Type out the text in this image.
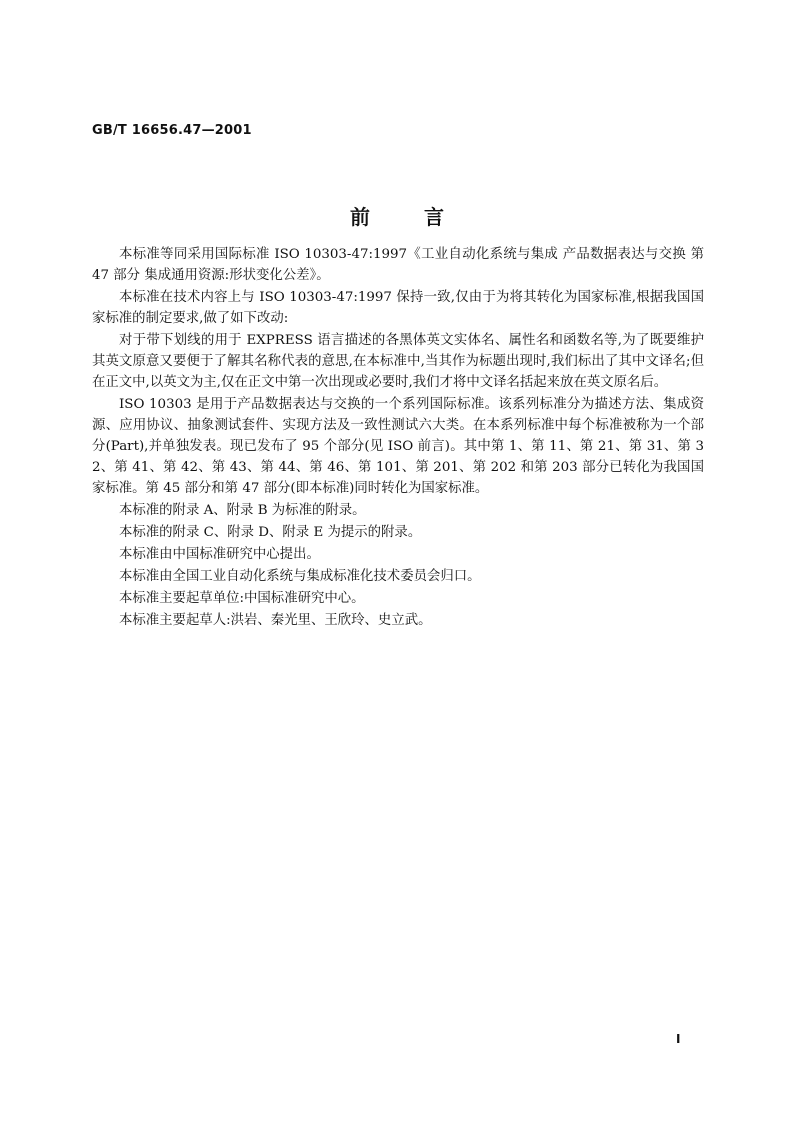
GB/T 16656.47—2001
前言

本标准等同采用国际标准 ISO 10303-47:1997《工业自动化系统与集成 产品数据表达与交换 第 47 部分 集成通用资源:形状变化公差》。

本标准在技术内容上与 ISO 10303-47:1997 保持一致,仅由于为将其转化为国家标准,根据我国国家标准的制定要求,做了如下改动:

对于带下划线的用于 EXPRESS 语言描述的各黑体英文实体名、属性名和函数名等,为了既要维护其英文原意又要便于了解其名称代表的意思,在本标准中,当其作为标题出现时,我们标出了其中文译名;但在正文中,以英文为主,仅在正文中第一次出现或必要时,我们才将中文译名括起来放在英文原名后。

ISO 10303 是用于产品数据表达与交换的一个系列国际标准。该系列标准分为描述方法、集成资源、应用协议、抽象测试套件、实现方法及一致性测试六大类。在本系列标准中每个标准被称为一个部分(Part),并单独发表。现已发布了 95 个部分(见 ISO 前言)。其中第 1、第 11、第 21、第 31、第 32、第 41、第 42、第 43、第 44、第 46、第 101、第 201、第 202 和第 203 部分已转化为我国国家标准。第 45 部分和第 47 部分(即本标准)同时转化为国家标准。

本标准的附录 A、附录 B 为标准的附录。

本标准的附录 C、附录 D、附录 E 为提示的附录。

本标准由中国标准研究中心提出。

本标准由全国工业自动化系统与集成标准化技术委员会归口。

本标准主要起草单位:中国标准研究中心。

本标准主要起草人:洪岩、秦光里、王欣玲、史立武。

I
